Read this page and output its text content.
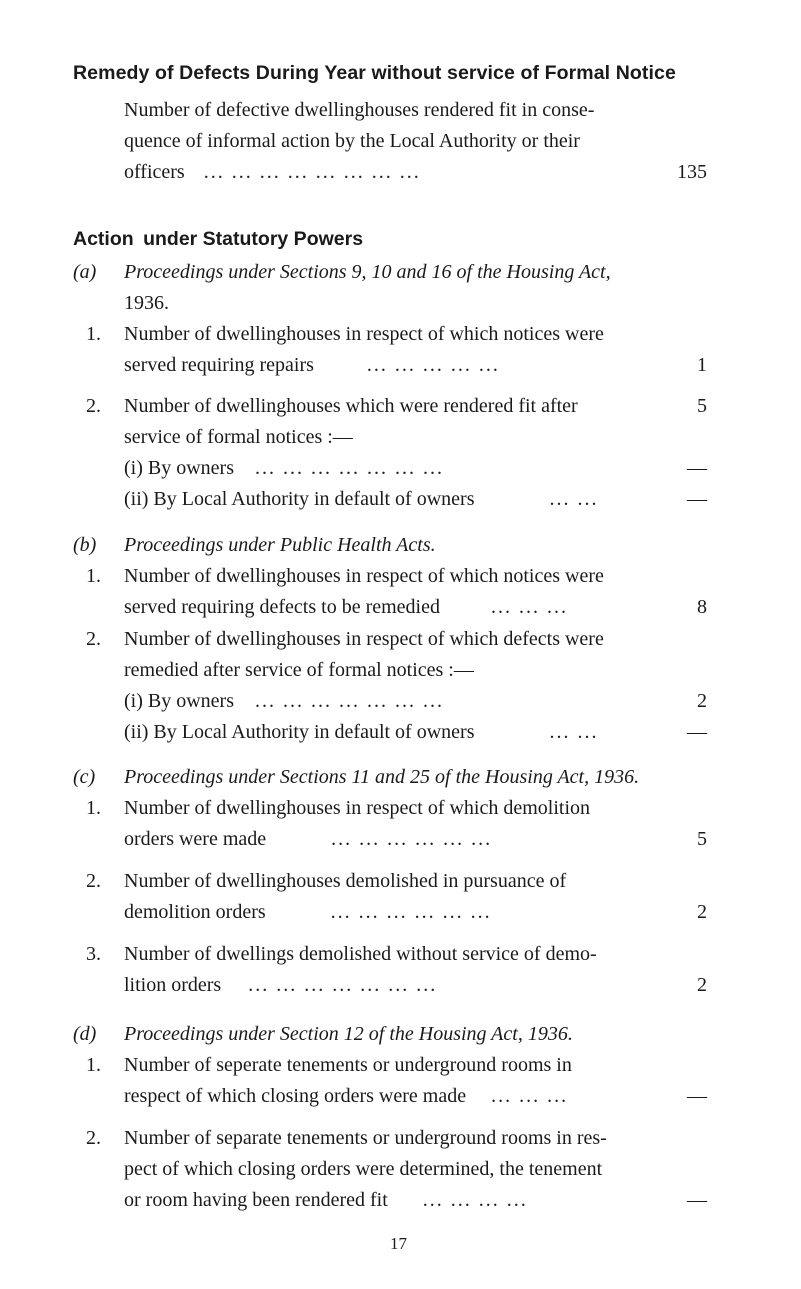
Remedy of Defects During Year without service of Formal Notice
Number of defective dwellinghouses rendered fit in conse-
quence of informal action by the Local Authority or their
officers ... ... ... ... ... ... ... ...	135
Action under Statutory Powers
(a) Proceedings under Sections 9, 10 and 16 of the Housing Act,
1936.
1. Number of dwellinghouses in respect of which notices were
served requiring repairs	... ... ... ... ...	1
2. Number of dwellinghouses which were rendered fit after	5
service of formal notices :—
(i) By owners ... ... ... ... ... ... ...	—
(ii) By Local Authority in default of owners	... ...	—
(b) Proceedings under Public Health Acts.
1. Number of dwellinghouses in respect of which notices were
served requiring defects to be remedied	... ... ...	8
2. Number of dwellinghouses in respect of which defects were
remedied after service of formal notices :—
(i) By owners ... ... ... ... ... ... ...	2
(ii) By Local Authority in default of owners	... ...	—
(c) Proceedings under Sections 11 and 25 of the Housing Act, 1936.
1. Number of dwellinghouses in respect of which demolition
orders were made	... ... ... ... ... ...	5
2. Number of dwellinghouses demolished in pursuance of
demolition orders	... ... ... ... ... ...	2
3. Number of dwellings demolished without service of demo-
lition orders ... ... ... ... ... ... ...	2
(d) Proceedings under Section 12 of the Housing Act, 1936.
1. Number of seperate tenements or underground rooms in
respect of which closing orders were made ... ... ...	—
2. Number of separate tenements or underground rooms in res-
pect of which closing orders were determined, the tenement
or room having been rendered fit ... ... ... ...	—
17
